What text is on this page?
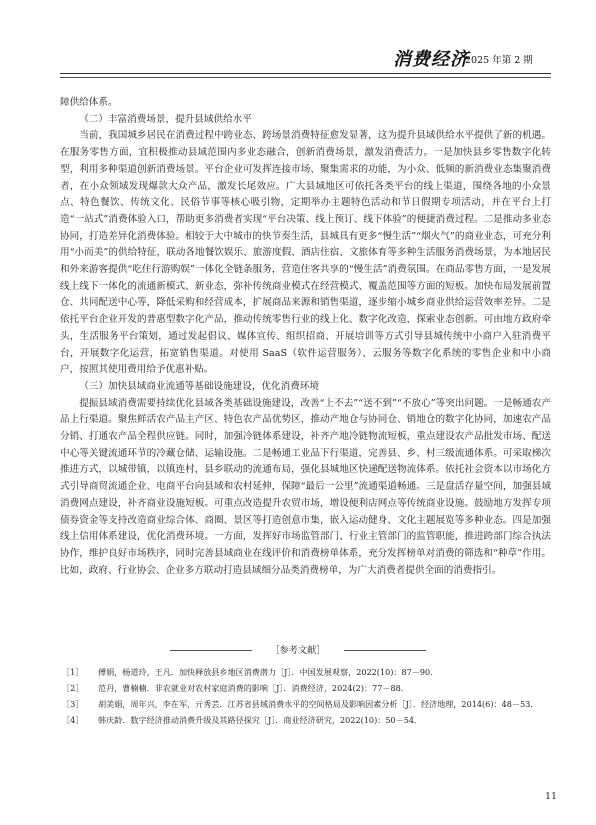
消费经济
2025 年第 2 期

障供给体系。

（二）丰富消费场景，提升县域供给水平

当前，我国城乡居民在消费过程中跨业态、跨场景消费特征愈发显著，这为提升县域供给水平提供了新的机遇。在服务零售方面，宜积极推动县域范围内多业态融合，创新消费场景，激发消费活力。一是加快县乡零售数字化转型，利用多种渠道创新消费场景。平台企业可发挥连接市场、聚集需求的功能，为小众、低频的新消费业态集聚消费者，在小众领域发现爆款大众产品，激发长尾效应。广大县域地区可依托各类平台的线上渠道，围绕各地的小众景点、特色餐饮、传统文化、民俗节事等核心吸引物，定期举办主题特色活动和节日假期专项活动，并在平台上打造“一站式”消费体验入口，帮助更多消费者实现“平台决策、线上预订、线下体验”的便捷消费过程。二是推动多业态协同，打造差异化消费体验。相较于大中城市的快节奏生活，县城具有更多“慢生活”“烟火气”的商业业态，可充分利用“小而美”的供给特征，联动各地餐饮娱乐、旅游度假、酒店住宿、文旅体育等多种生活服务消费场景，为本地居民和外来游客提供“吃住行游购娱”一体化全链条服务，营造住客共享的“慢生活”消费氛围。在商品零售方面，一是发展线上线下一体化的流通新模式、新业态，弥补传统商业模式在经营模式、覆盖范围等方面的短板。加快布局发展前置仓、共同配送中心等，降低采购和经营成本，扩展商品来源和销售渠道，逐步缩小城乡商业供给运营效率差异。二是依托平台企业开发的普惠型数字化产品，推动传统零售行业的线上化、数字化改造，探索业态创新。可由地方政府牵头，生活服务平台策划，通过发起倡议、媒体宣传、组织招商、开展培训等方式引导县城传统中小商户入驻消费平台，开展数字化运营，拓宽销售渠道。对使用 SaaS（软件运营服务）、云服务等数字化系统的零售企业和中小商户，按照其使用费用给予优惠补贴。

（三）加快县域商业流通等基础设施建设，优化消费环境

提振县域消费需要持续优化县域各类基础设施建设，改善“上不去”“送不到”“不放心”等突出问题。一是畅通农产品上行渠道。聚焦鲜活农产品主产区、特色农产品优势区，推动产地仓与协同仓、销地仓的数字化协同，加速农产品分销、打通农产品全程供应链。同时，加强冷链体系建设，补齐产地冷链物流短板，重点建设农产品批发市场、配送中心等关键流通环节的冷藏仓储、运输设施。二是畅通工业品下行渠道，完善县、乡、村三级流通体系。可采取梯次推进方式，以城带镇，以镇连村，县乡联动的流通布局，强化县城地区快递配送物流体系。依托社会资本以市场化方式引导商贸流通企业、电商平台向县域和农村延伸，保障“最后一公里”流通渠道畅通。三是盘活存量空间，加强县域消费网点建设，补齐商业设施短板。可重点改造提升农贸市场，增设便利店网点等传统商业设施。鼓励地方发挥专项债券资金等支持改造商业综合体、商圈、景区等打造创意市集，嵌入运动健身、文化主题展览等多种业态。四是加强线上信用体系建设，优化消费环境。一方面，发挥好市场监管部门、行业主管部门的监管职能，推进跨部门综合执法协作，维护良好市场秩序，同时完善县域商业在线评价和消费榜单体系，充分发挥榜单对消费的筛选和“种草”作用。比如，政府、行业协会、企业多方联动打造县域细分品类消费榜单，为广大消费者提供全面的消费指引。

［参考文献］
［1］ 傅娟，杨道玲，王凡．加快释放县乡地区消费潜力［J］．中国发展观察，2022(10)：87－90．
［2］ 范丹，曹楠楠．非农就业对农村家庭消费的影响［J］．消费经济，2024(2)：77－88．
［3］ 胡美娟，周年兴，李在军，亓秀芸．江苏省县域消费水平的空间格局及影响因素分析［J］．经济地理，2014(6)：48－53．
［4］ 韩庆龄．数字经济推动消费升级及其路径探究［J］．商业经济研究，2022(10)：50－54．
11
